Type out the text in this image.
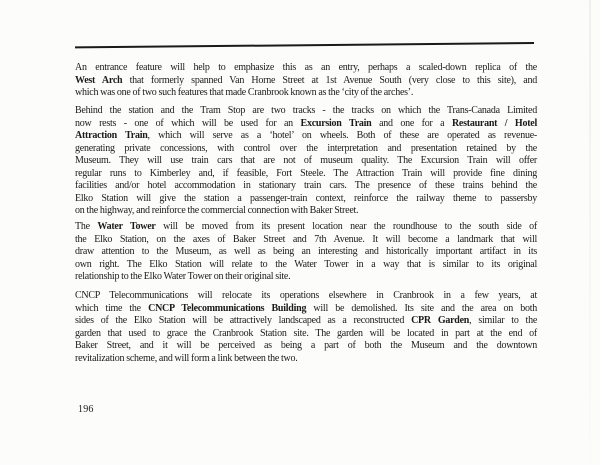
An entrance feature will help to emphasize this as an entry, perhaps a scaled-down replica of the
West Arch that formerly spanned Van Horne Street at 1st Avenue South (very close to this site), and
which was one of two such features that made Cranbrook known as the ‘city of the arches’.
Behind the station and the Tram Stop are two tracks - the tracks on which the Trans-Canada Limited
now rests - one of which will be used for an Excursion Train and one for a Restaurant / Hotel
Attraction Train, which will serve as a ‘hotel’ on wheels. Both of these are operated as revenue-
generating private concessions, with control over the interpretation and presentation retained by the
Museum. They will use train cars that are not of museum quality. The Excursion Train will offer
regular runs to Kimberley and, if feasible, Fort Steele. The Attraction Train will provide fine dining
facilities and/or hotel accommodation in stationary train cars. The presence of these trains behind the
Elko Station will give the station a passenger-train context, reinforce the railway theme to passersby
on the highway, and reinforce the commercial connection with Baker Street.
The Water Tower will be moved from its present location near the roundhouse to the south side of
the Elko Station, on the axes of Baker Street and 7th Avenue. It will become a landmark that will
draw attention to the Museum, as well as being an interesting and historically important artifact in its
own right. The Elko Station will relate to the Water Tower in a way that is similar to its original
relationship to the Elko Water Tower on their original site.
CNCP Telecommunications will relocate its operations elsewhere in Cranbrook in a few years, at
which time the CNCP Telecommunications Building will be demolished. Its site and the area on both
sides of the Elko Station will be attractively landscaped as a reconstructed CPR Garden, similar to the
garden that used to grace the Cranbrook Station site. The garden will be located in part at the end of
Baker Street, and it will be perceived as being a part of both the Museum and the downtown
revitalization scheme, and will form a link between the two.
196
